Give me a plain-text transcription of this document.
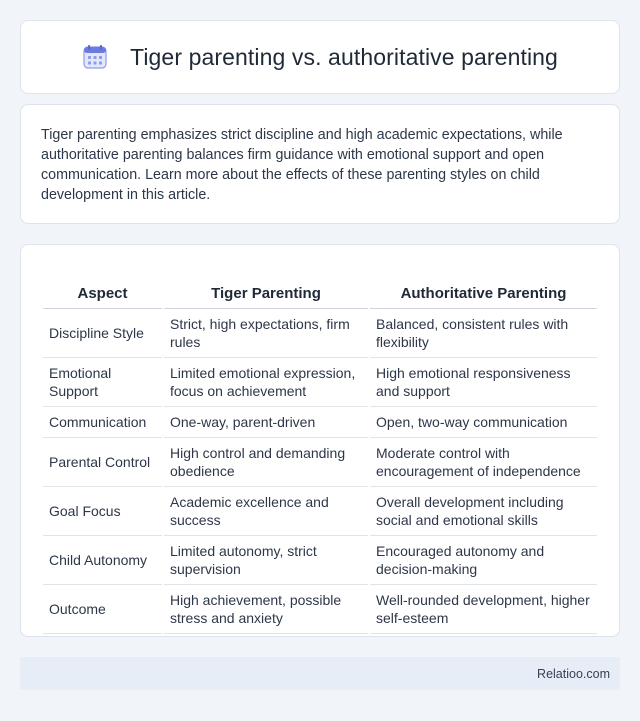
Tiger parenting vs. authoritative parenting

Tiger parenting emphasizes strict discipline and high academic expectations, while authoritative parenting balances firm guidance with emotional support and open communication. Learn more about the effects of these parenting styles on child development in this article.

Aspect	Tiger Parenting	Authoritative Parenting
Discipline Style	Strict, high expectations, firm rules	Balanced, consistent rules with flexibility
Emotional Support	Limited emotional expression, focus on achievement	High emotional responsiveness and support
Communication	One-way, parent-driven	Open, two-way communication
Parental Control	High control and demanding obedience	Moderate control with encouragement of independence
Goal Focus	Academic excellence and success	Overall development including social and emotional skills
Child Autonomy	Limited autonomy, strict supervision	Encouraged autonomy and decision-making
Outcome	High achievement, possible stress and anxiety	Well-rounded development, higher self-esteem
Relatioo.com
